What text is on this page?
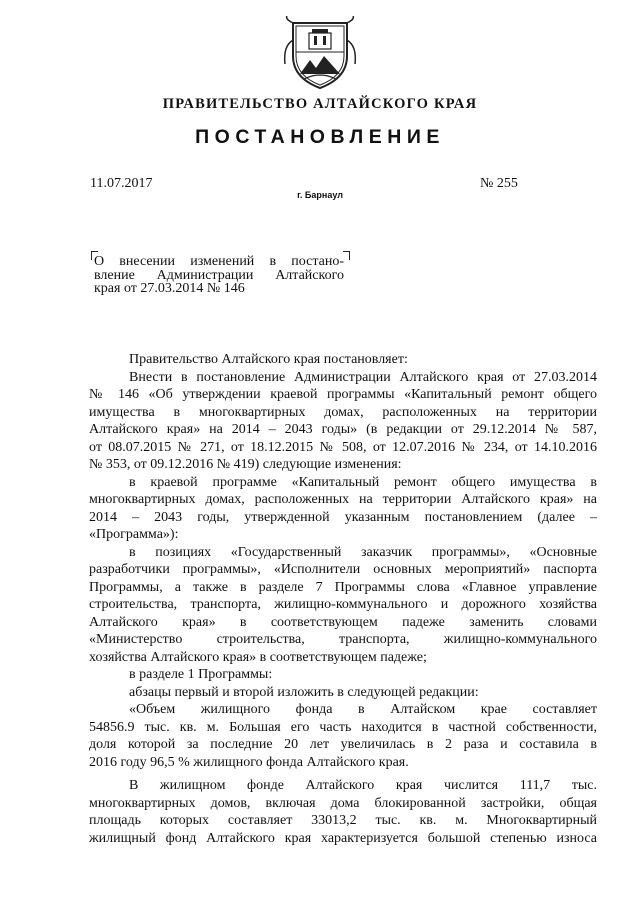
ПРАВИТЕЛЬСТВО АЛТАЙСКОГО КРАЯ
ПОСТАНОВЛЕНИЕ
11.07.2017	№ 255
г. Барнаул
О внесении изменений в постано-
вление Администрации Алтайского
края от 27.03.2014 № 146
Правительство Алтайского края постановляет:
Внести в постановление Администрации Алтайского края от 27.03.2014
№ 146 «Об утверждении краевой программы «Капитальный ремонт общего
имущества в многоквартирных домах, расположенных на территории
Алтайского края» на 2014 – 2043 годы» (в редакции от 29.12.2014 № 587,
от 08.07.2015 № 271, от 18.12.2015 № 508, от 12.07.2016 № 234, от 14.10.2016
№ 353, от 09.12.2016 № 419) следующие изменения:
в краевой программе «Капитальный ремонт общего имущества в
многоквартирных домах, расположенных на территории Алтайского края» на
2014 – 2043 годы, утвержденной указанным постановлением (далее –
«Программа»):
в позициях «Государственный заказчик программы», «Основные
разработчики программы», «Исполнители основных мероприятий» паспорта
Программы, а также в разделе 7 Программы слова «Главное управление
строительства, транспорта, жилищно-коммунального и дорожного хозяйства
Алтайского края» в соответствующем падеже заменить словами
«Министерство строительства, транспорта, жилищно-коммунального
хозяйства Алтайского края» в соответствующем падеже;
в разделе 1 Программы:
абзацы первый и второй изложить в следующей редакции:
«Объем жилищного фонда в Алтайском крае составляет
54856.9 тыс. кв. м. Большая его часть находится в частной собственности,
доля которой за последние 20 лет увеличилась в 2 раза и составила в
2016 году 96,5 % жилищного фонда Алтайского края.
В жилищном фонде Алтайского края числится 111,7 тыс.
многоквартирных домов, включая дома блокированной застройки, общая
площадь которых составляет 33013,2 тыс. кв. м. Многоквартирный
жилищный фонд Алтайского края характеризуется большой степенью износа
